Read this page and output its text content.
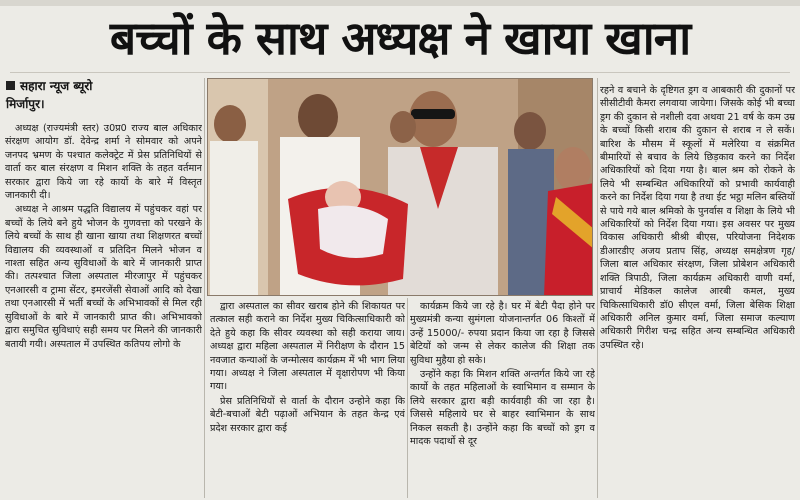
बच्चों के साथ अध्यक्ष ने खाया खाना
सहारा न्यूज ब्यूरो
मिर्जापुर।

अध्यक्ष (राज्यमंत्री स्तर) उ0प्र0 राज्य बाल अधिकार संरक्षण आयोग डॉ. देवेन्द्र शर्मा ने सोमवार को अपने जनपद भ्रमण के पश्चात कलेक्ट्रेट में प्रेस प्रतिनिधियों से वार्ता कर बाल संरक्षण व मिशन शक्ति के तहत वर्तमान सरकार द्वारा किये जा रहे कार्यो के बारे में विस्तृत जानकारी दी।

अध्यक्ष ने आश्रम पद्धति विद्यालय में पहुंचकर वहां पर बच्चों के लिये बने हुये भोजन के गुणवत्ता को परखने के लिये बच्चों के साथ ही खाना खाया तथा शिक्षणरत बच्चों विद्यालय की व्यवस्थाओं व प्रतिदिन मिलने भोजन व नाश्ता सहित अन्य सुविधाओं के बारे में जानकारी प्राप्त की। तत्पश्चात जिला अस्पताल मीरजापुर में पहुंचकर एनआरसी व ट्रामा सेंटर, इमरजेंसी सेवाओं आदि को देखा तथा एनआरसी में भर्ती बच्चों के अभिभावकों से मिल रही सुविधाओं के बारे में जानकारी प्राप्त की। अभिभावको द्वारा समुचित सुविधाएं सही समय पर मिलने की जानकारी बतायी गयी। अस्पताल में उपस्थित कतिपय लोगो के

द्वारा अस्पताल का सीवर खराब होने की शिकायत पर तत्काल सही कराने का निर्देश मुख्य चिकित्साधिकारी को देते हुये कहा कि सीवर व्यवस्था को सही कराया जाय। अध्यक्ष द्वारा महिला अस्पताल में निरीक्षण के दौरान 15 नवजात कन्याओं के जन्मोत्सव कार्यक्रम में भी भाग लिया गया। अध्यक्ष ने जिला अस्पताल में वृक्षारोपण भी किया गया।

प्रेस प्रतिनिधियों से वार्ता के दौरान उन्होने कहा कि बेटी-बचाओं बेटी पढ़ाओं अभियान के तहत केन्द्र एवं प्रदेश सरकार द्वारा कई

कार्यक्रम किये जा रहे है। घर में बेटी पैदा होने पर मुख्यमंत्री कन्या सुमंगला योजनान्तर्गत 06 किश्तों में उन्हें 15000/- रुपया प्रदान किया जा रहा है जिससे बेटियों को जन्म से लेकर कालेज की शिक्षा तक सुविधा मुहैया हो सके।

उन्होंने कहा कि मिशन शक्ति अन्तर्गत किये जा रहे कार्यो के तहत महिलाओं के स्वाभिमान व सम्मान के लिये सरकार द्वारा बड़ी कार्यवाही की जा रहा है। जिससे महिलाये घर से बाहर स्वाभिमान के साथ निकल सकती है। उन्होंने कहा कि बच्चों को ड्रग व मादक पदार्थो से दूर

रहने व बचाने के दृष्टिगत ड्रग व आबकारी की दुकानों पर सीसीटीवी कैमरा लगवाया जायेगा। जिसके कोई भी बच्चा ड्रग की दुकान से नशीली दवा अथवा 21 वर्ष के कम उम्र के बच्चों किसी शराब की दुकान से शराब न ले सकें। बारिश के मौसम में स्कूलों में मलेरिया व संक्रमित बीमारियों से बचाव के लिये छिड़काव करने का निर्देश अधिकारियों को दिया गया है। बाल श्रम को रोकने के लिये भी सम्बन्धित अधिकारियों को प्रभावी कार्यवाही करने का निर्देश दिया गया है तथा ईट भट्ठा मलिन बस्तियों से पाये गये बाल श्रमिको के पुनर्वास व शिक्षा के लिये भी अधिकारियों को निर्देश दिया गया। इस अवसर पर मुख्य विकास अधिकारी श्रीश्री बीएस, परियोजना निदेशक डीआरडीए अजय प्रताप सिंह, अध्यक्ष समक्षेत्रण गृह/जिला बाल अधिकार संरक्षण, जिला प्रोबेशन अधिकारी शक्ति त्रिपाठी, जिला कार्यक्रम अधिकारी वाणी वर्मा, प्राचार्य मेडिकल कालेज आरबी कमल, मुख्य चिकित्साधिकारी डॉ0 सीएल वर्मा, जिला बेसिक शिक्षा अधिकारी अनिल कुमार वर्मा, जिला समाज कल्याण अधिकारी गिरीश चन्द्र सहित अन्य सम्बन्धित अधिकारी उपस्थित रहे।
